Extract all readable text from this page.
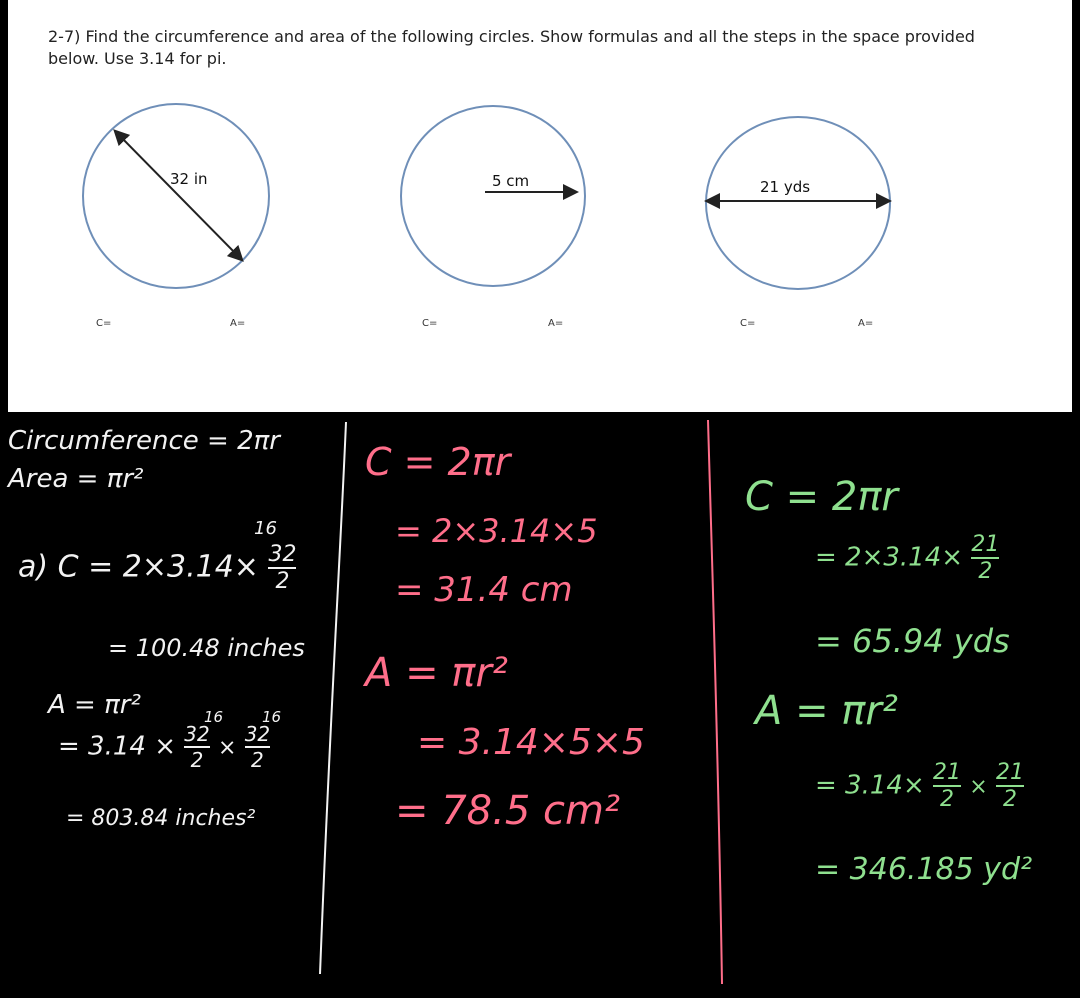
2-7) Find the circumference and area of the following circles. Show formulas and all the steps in the space provided below. Use 3.14 for pi.
32 in	5 cm	21 yds
C=	A=	C=	A=	C=	A=
Circumference = 2πr
Area = πr²
a) $C = 2\times 3.14\times \frac{32}{2}$
16
= 100.48 inches
A = πr²
= $3.14 \times \frac{32}{2} \times \frac{32}{2}$
16	16
= 803.84 inches²
C = 2πr
= 2×3.14×5
= 31.4 cm
A = πr²
= 3.14×5×5
= 78.5 cm²
C = 2πr
= $2\times 3.14\times \frac{21}{2}$
= 65.94 yds
A = πr²
= $3.14\times \frac{21}{2} \times \frac{21}{2}$
= 346.185 yd²
